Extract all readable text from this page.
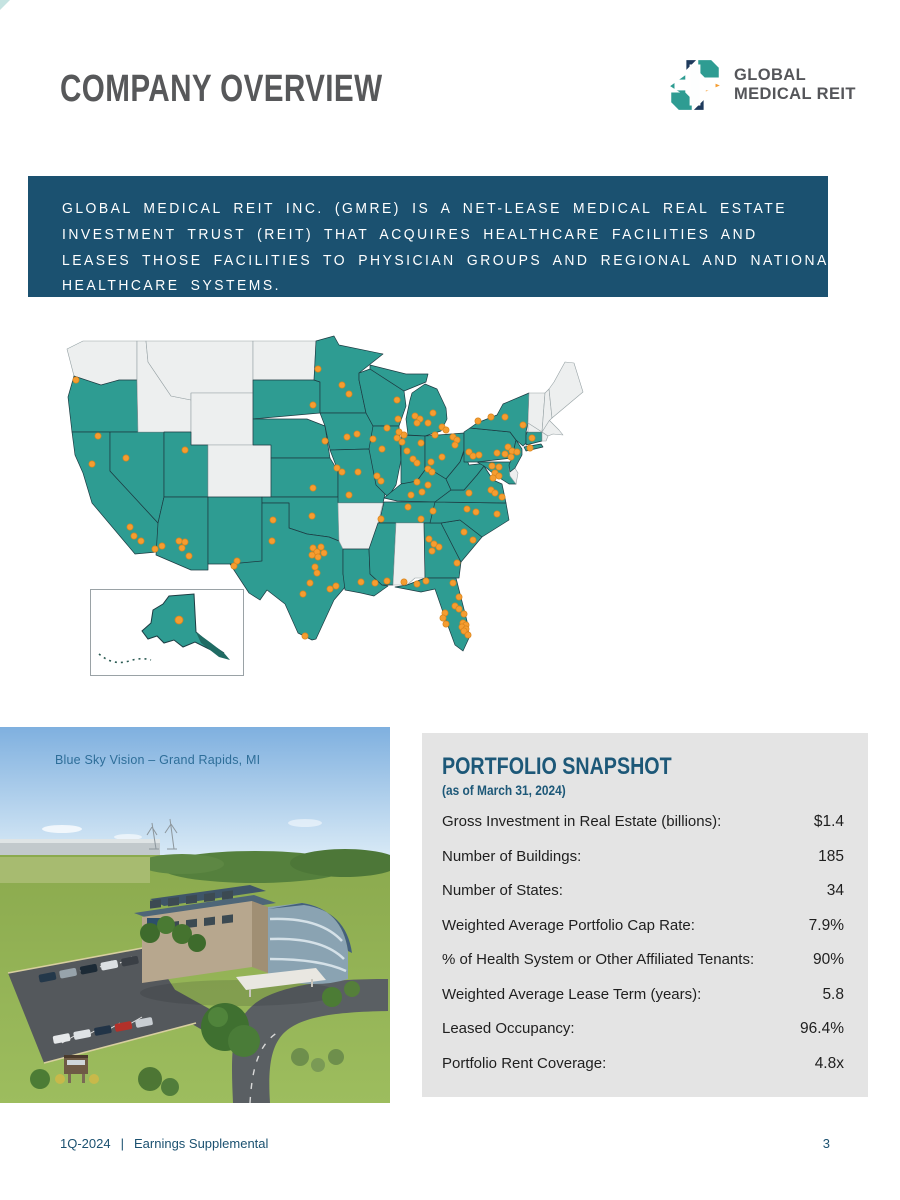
COMPANY OVERVIEW	GLOBAL
MEDICAL REIT
GLOBAL MEDICAL REIT INC. (GMRE) IS A NET-LEASE MEDICAL REAL ESTATE
INVESTMENT TRUST (REIT) THAT ACQUIRES HEALTHCARE FACILITIES AND
LEASES THOSE FACILITIES TO PHYSICIAN GROUPS AND REGIONAL AND NATIONAL
HEALTHCARE SYSTEMS.
Blue Sky Vision – Grand Rapids, MI	PORTFOLIO SNAPSHOT
(as of March 31, 2024)
Gross Investment in Real Estate (billions):	$1.4
Number of Buildings:	185
Number of States:	34
Weighted Average Portfolio Cap Rate:	7.9%
% of Health System or Other Affiliated Tenants:	90%
Weighted Average Lease Term (years):	5.8
Leased Occupancy:	96.4%
Portfolio Rent Coverage:	4.8x
1Q-2024 | Earnings Supplemental	3
